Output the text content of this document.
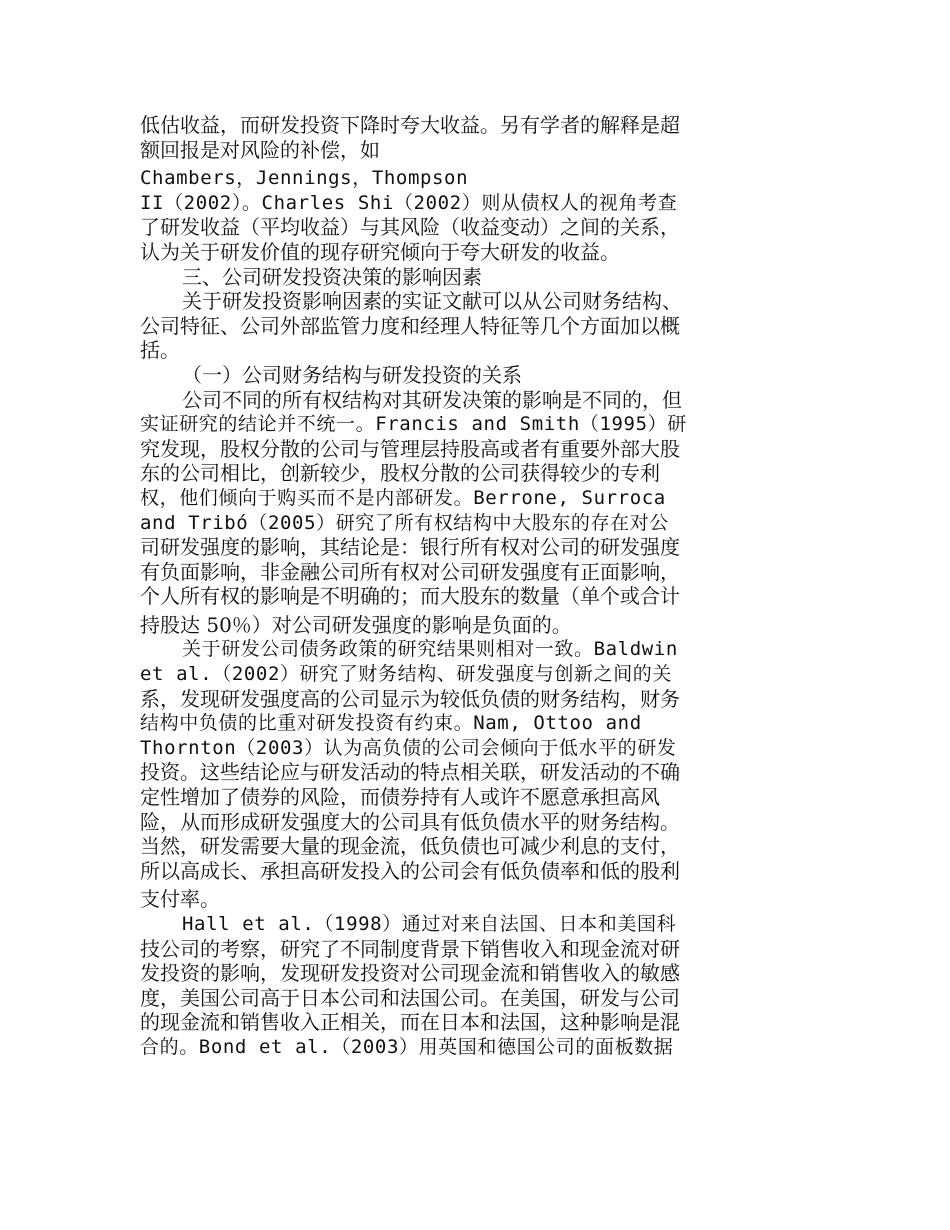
低估收益，而研发投资下降时夸大收益。另有学者的解释是超
额回报是对风险的补偿，如
Chambers，Jennings，Thompson
II（2002）。Charles Shi（2002）则从债权人的视角考查
了研发收益（平均收益）与其风险（收益变动）之间的关系，
认为关于研发价值的现存研究倾向于夸大研发的收益。
三、公司研发投资决策的影响因素
关于研发投资影响因素的实证文献可以从公司财务结构、
公司特征、公司外部监管力度和经理人特征等几个方面加以概
括。
（一）公司财务结构与研发投资的关系
公司不同的所有权结构对其研发决策的影响是不同的，但
实证研究的结论并不统一。Francis and Smith（1995）研
究发现，股权分散的公司与管理层持股高或者有重要外部大股
东的公司相比，创新较少，股权分散的公司获得较少的专利
权，他们倾向于购买而不是内部研发。Berrone, Surroca
and Tribó（2005）研究了所有权结构中大股东的存在对公
司研发强度的影响，其结论是：银行所有权对公司的研发强度
有负面影响，非金融公司所有权对公司研发强度有正面影响，
个人所有权的影响是不明确的；而大股东的数量（单个或合计
持股达 50％）对公司研发强度的影响是负面的。
关于研发公司债务政策的研究结果则相对一致。Baldwin
et al.（2002）研究了财务结构、研发强度与创新之间的关
系，发现研发强度高的公司显示为较低负债的财务结构，财务
结构中负债的比重对研发投资有约束。Nam, Ottoo and
Thornton（2003）认为高负债的公司会倾向于低水平的研发
投资。这些结论应与研发活动的特点相关联，研发活动的不确
定性增加了债券的风险，而债券持有人或许不愿意承担高风
险，从而形成研发强度大的公司具有低负债水平的财务结构。
当然，研发需要大量的现金流，低负债也可减少利息的支付，
所以高成长、承担高研发投入的公司会有低负债率和低的股利
支付率。
Hall et al.（1998）通过对来自法国、日本和美国科
技公司的考察，研究了不同制度背景下销售收入和现金流对研
发投资的影响，发现研发投资对公司现金流和销售收入的敏感
度，美国公司高于日本公司和法国公司。在美国，研发与公司
的现金流和销售收入正相关，而在日本和法国，这种影响是混
合的。Bond et al.（2003）用英国和德国公司的面板数据
